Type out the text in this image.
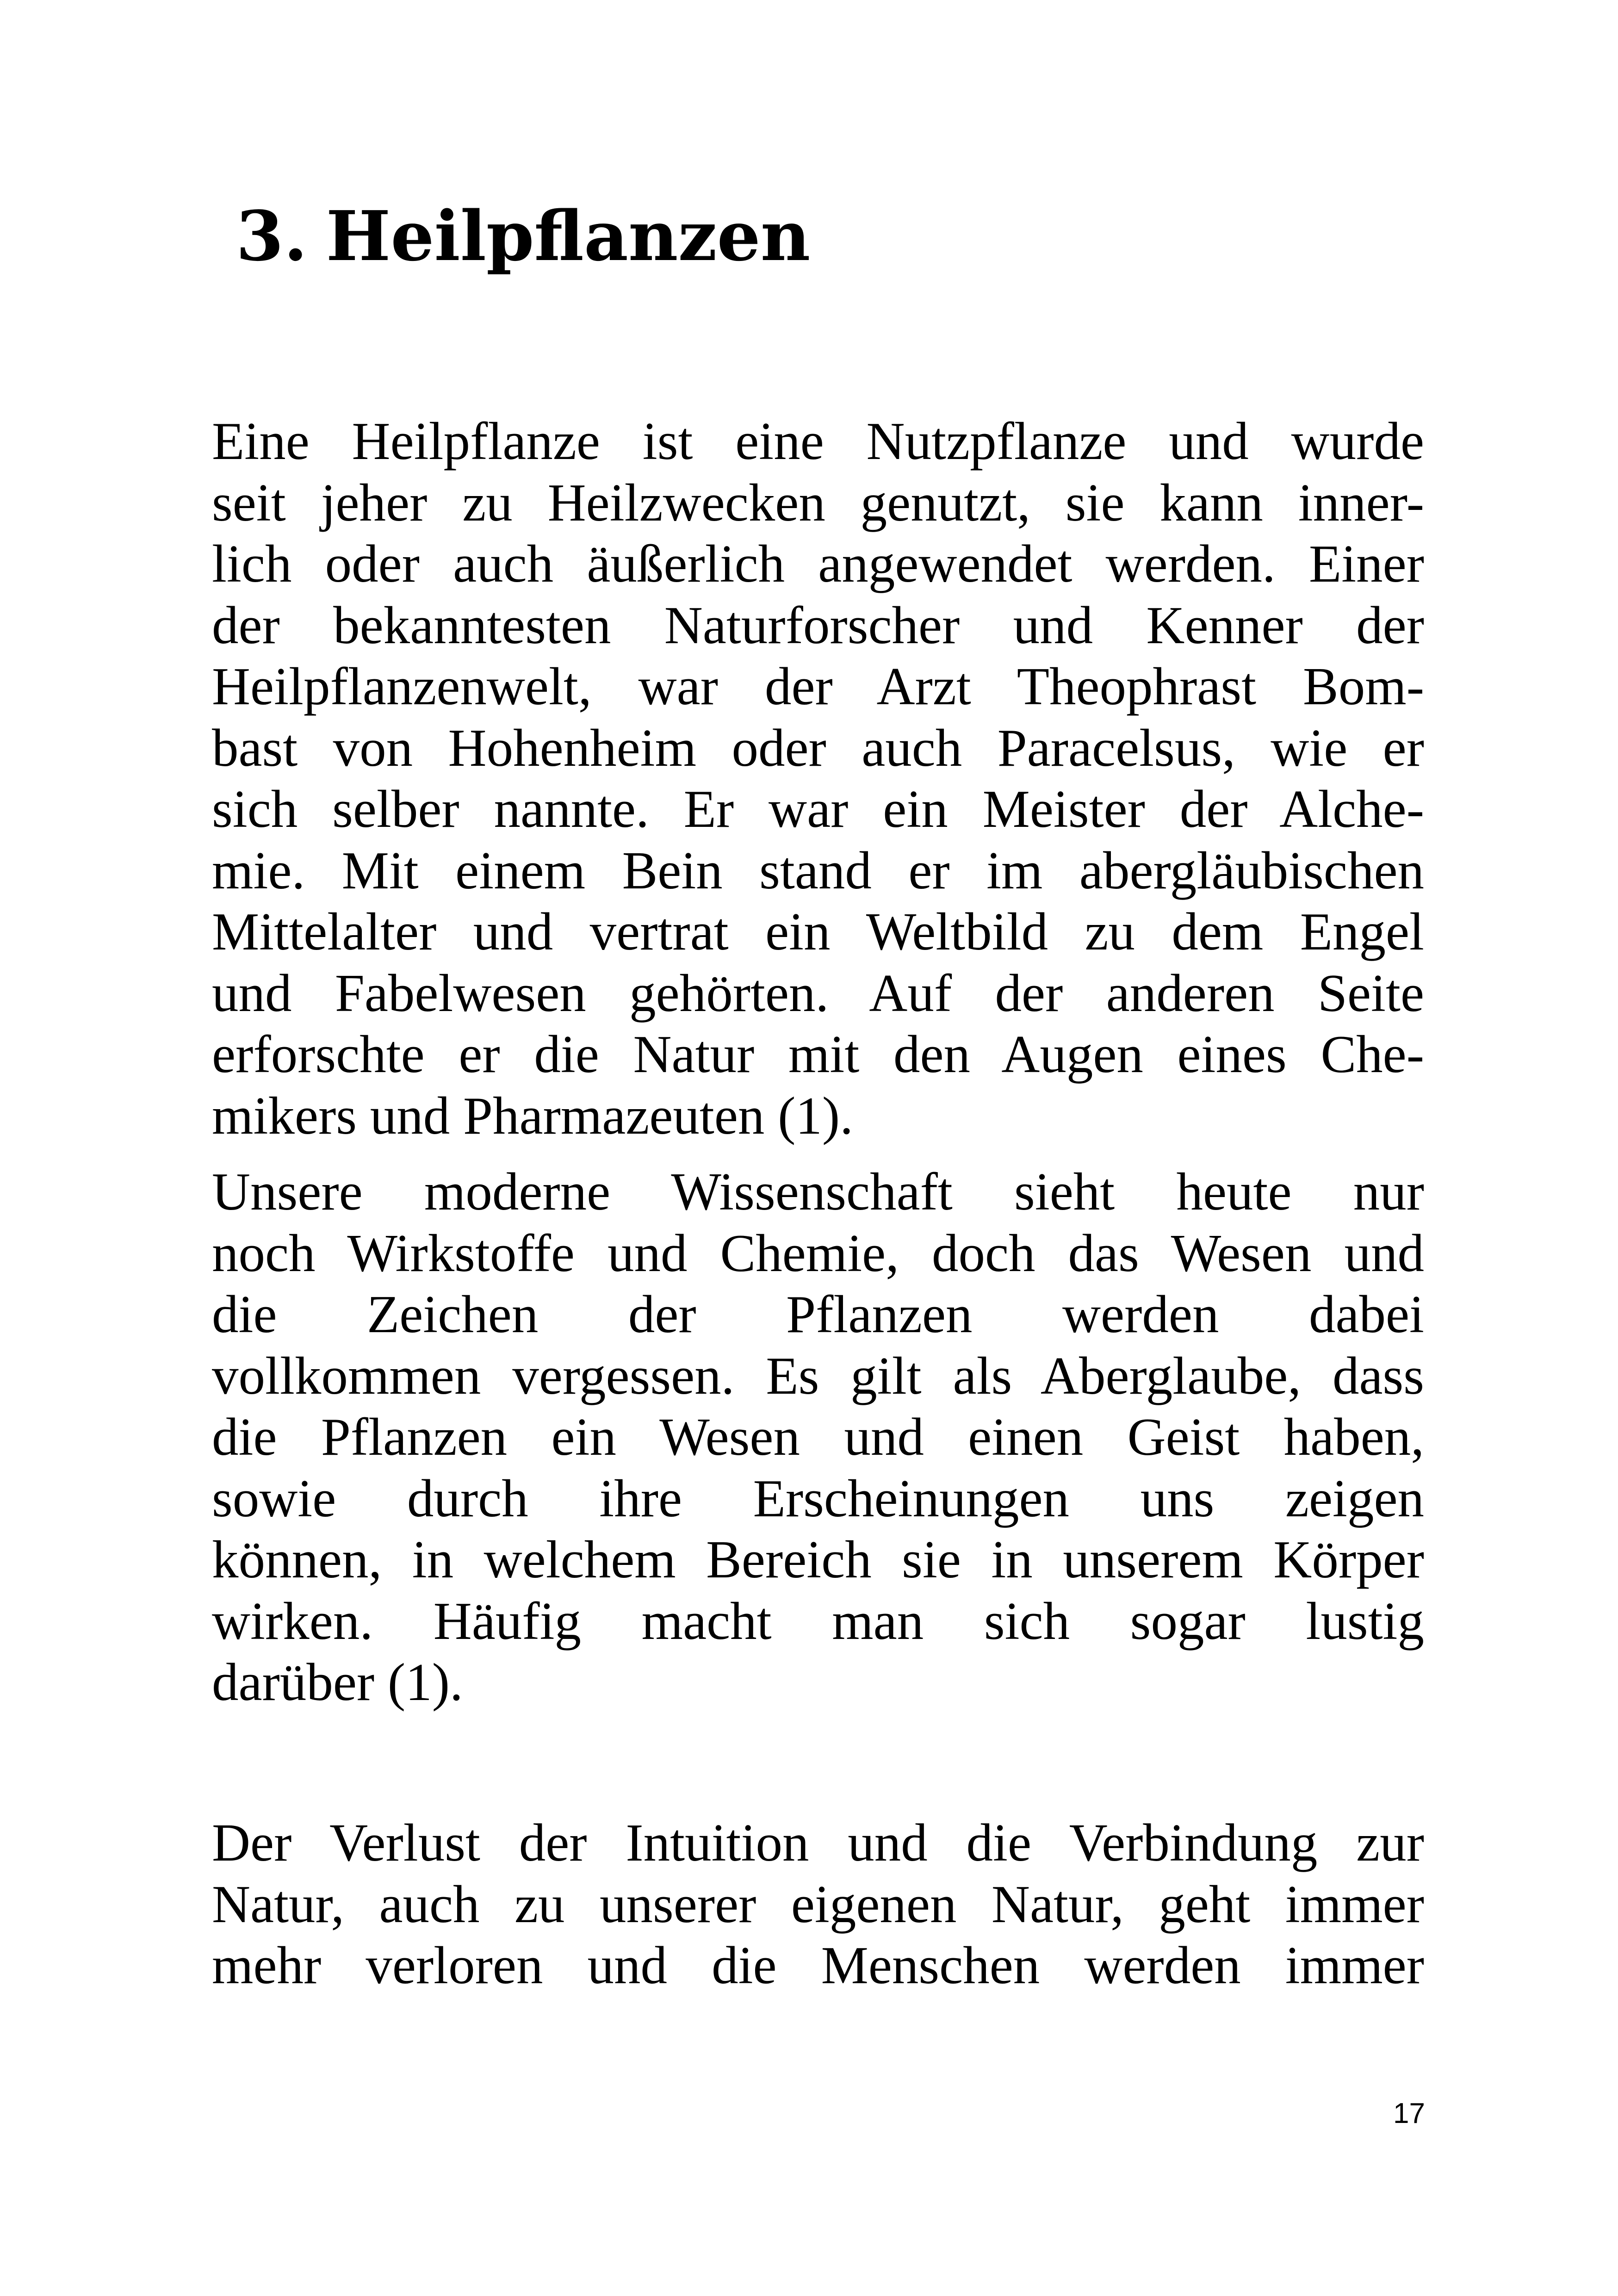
3. Heilpflanzen
Eine Heilpflanze ist eine Nutzpflanze und wurde
seit jeher zu Heilzwecken genutzt, sie kann inner-
lich oder auch äußerlich angewendet werden. Einer
der bekanntesten Naturforscher und Kenner der
Heilpflanzenwelt, war der Arzt Theophrast Bom-
bast von Hohenheim oder auch Paracelsus, wie er
sich selber nannte. Er war ein Meister der Alche-
mie. Mit einem Bein stand er im abergläubischen
Mittelalter und vertrat ein Weltbild zu dem Engel
und Fabelwesen gehörten. Auf der anderen Seite
erforschte er die Natur mit den Augen eines Che-
mikers und Pharmazeuten (1).
Unsere moderne Wissenschaft sieht heute nur
noch Wirkstoffe und Chemie, doch das Wesen und
die Zeichen der Pflanzen werden dabei
vollkommen vergessen. Es gilt als Aberglaube, dass
die Pflanzen ein Wesen und einen Geist haben,
sowie durch ihre Erscheinungen uns zeigen
können, in welchem Bereich sie in unserem Körper
wirken. Häufig macht man sich sogar lustig
darüber (1).
Der Verlust der Intuition und die Verbindung zur
Natur, auch zu unserer eigenen Natur, geht immer
mehr verloren und die Menschen werden immer
17
